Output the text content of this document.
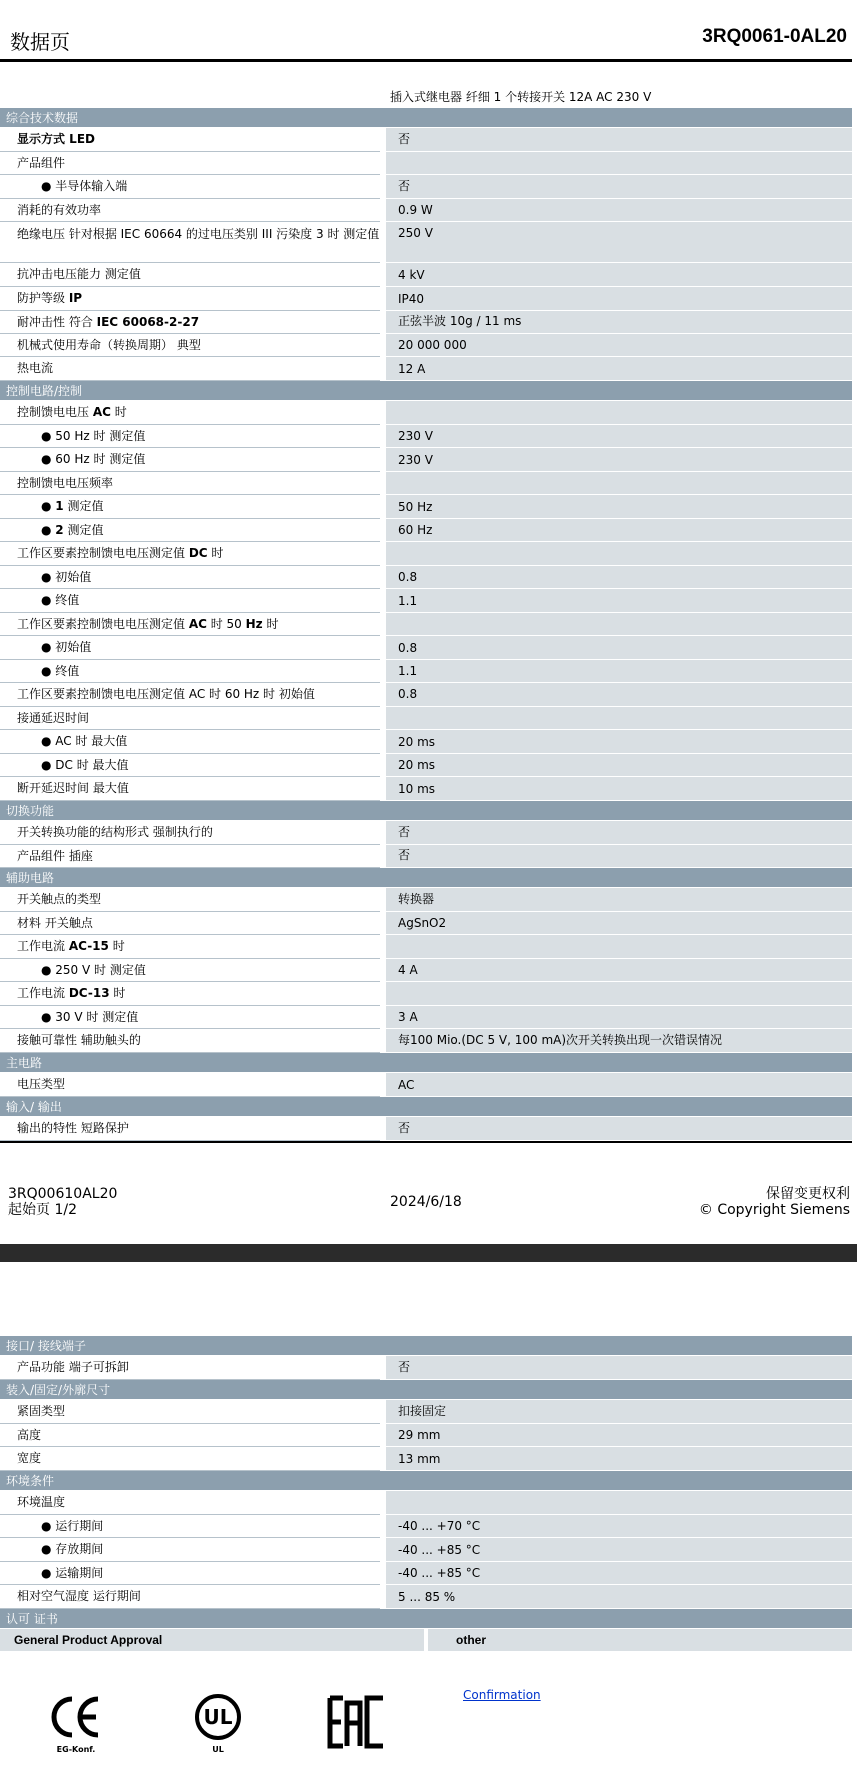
数据页	3RQ0061-0AL20
插入式继电器 纤细 1 个转接开关 12A AC 230 V
综合技术数据
显示方式 LED	否
产品组件
● 半导体输入端	否
消耗的有效功率	0.9 W
绝缘电压 针对根据 IEC 60664 的过电压类别 III 污染度 3 时 测定值 250 V
抗冲击电压能力 测定值	4 kV
防护等级 IP	IP40
耐冲击性 符合 IEC 60068-2-27	正弦半波 10g / 11 ms
机械式使用寿命（转换周期） 典型	20 000 000
热电流	12 A
控制电路/控制
控制馈电电压 AC 时
● 50 Hz 时 测定值	230 V
● 60 Hz 时 测定值	230 V
控制馈电电压频率
● 1 测定值	50 Hz
● 2 测定值	60 Hz
工作区要素控制馈电电压测定值 DC 时
● 初始值	0.8
● 终值	1.1
工作区要素控制馈电电压测定值 AC 时 50 Hz 时
● 初始值	0.8
● 终值	1.1
工作区要素控制馈电电压测定值 AC 时 60 Hz 时 初始值	0.8
接通延迟时间
● AC 时 最大值	20 ms
● DC 时 最大值	20 ms
断开延迟时间 最大值	10 ms
切换功能
开关转换功能的结构形式 强制执行的	否
产品组件 插座	否
辅助电路
开关触点的类型	转换器
材料 开关触点	AgSnO2
工作电流 AC-15 时
● 250 V 时 测定值	4 A
工作电流 DC-13 时
● 30 V 时 测定值	3 A
接触可靠性 辅助触头的	每100 Mio.(DC 5 V, 100 mA)次开关转换出现一次错误情况
主电路
电压类型	AC
输入/ 输出
输出的特性 短路保护	否
3RQ00610AL20
起始页 1/2	2024/6/18	保留变更权利
© Copyright Siemens
接口/ 接线端子
产品功能 端子可拆卸	否
装入/固定/外廓尺寸
紧固类型	扣接固定
高度	29 mm
宽度	13 mm
环境条件
环境温度
● 运行期间	-40 ... +70 °C
● 存放期间	-40 ... +85 °C
● 运输期间	-40 ... +85 °C
相对空气湿度 运行期间	5 ... 85 %
认可 证书
General Product Approval	other
EG-Konf.
UL
UL
Confirmation
